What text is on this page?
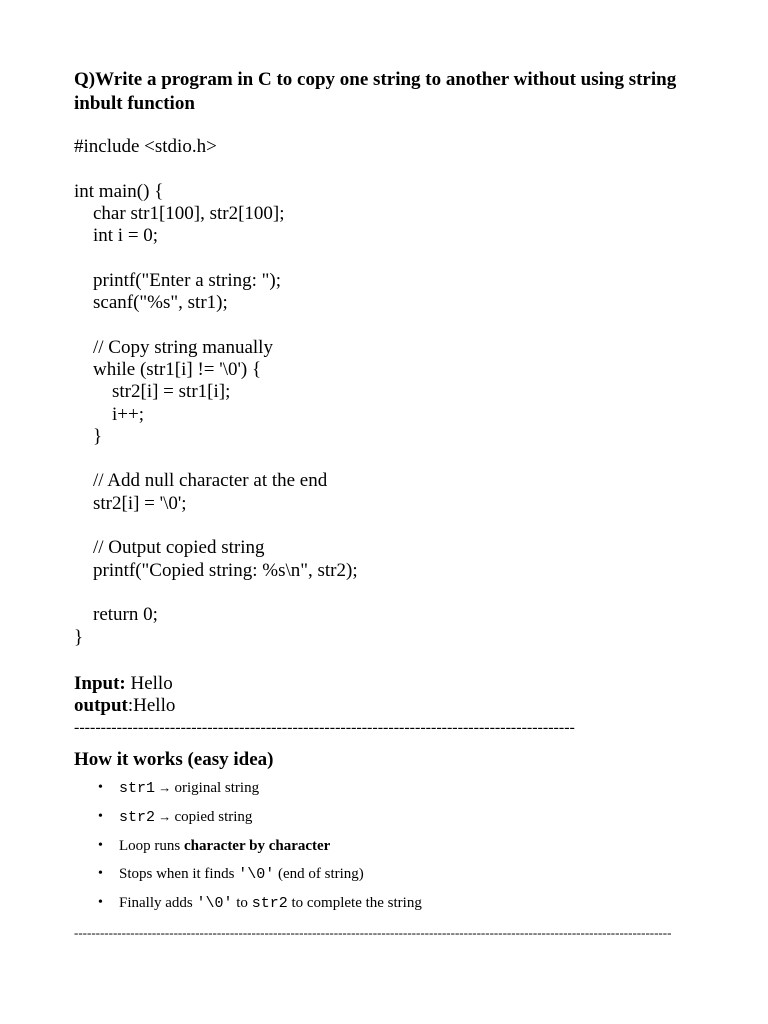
Q)Write a program in C to copy one string to another without using string inbult function

#include <stdio.h>

int main() {
char str1[100], str2[100];
int i = 0;

printf("Enter a string: ");
scanf("%s", str1);

// Copy string manually
while (str1[i] != '\0') {
str2[i] = str1[i];
i++;
}

// Add null character at the end
str2[i] = '\0';

// Output copied string
printf("Copied string: %s\n", str2);

return 0;
}

Input: Hello

output:Hello

----------------------------------------------------------------------------------------------

How it works (easy idea)
• str1 → original string
• str2 → copied string
• Loop runs character by character
• Stops when it finds '\0' (end of string)
• Finally adds '\0' to str2 to complete the string

------------------------------------------------------------------------------------------------------------------------------------------
